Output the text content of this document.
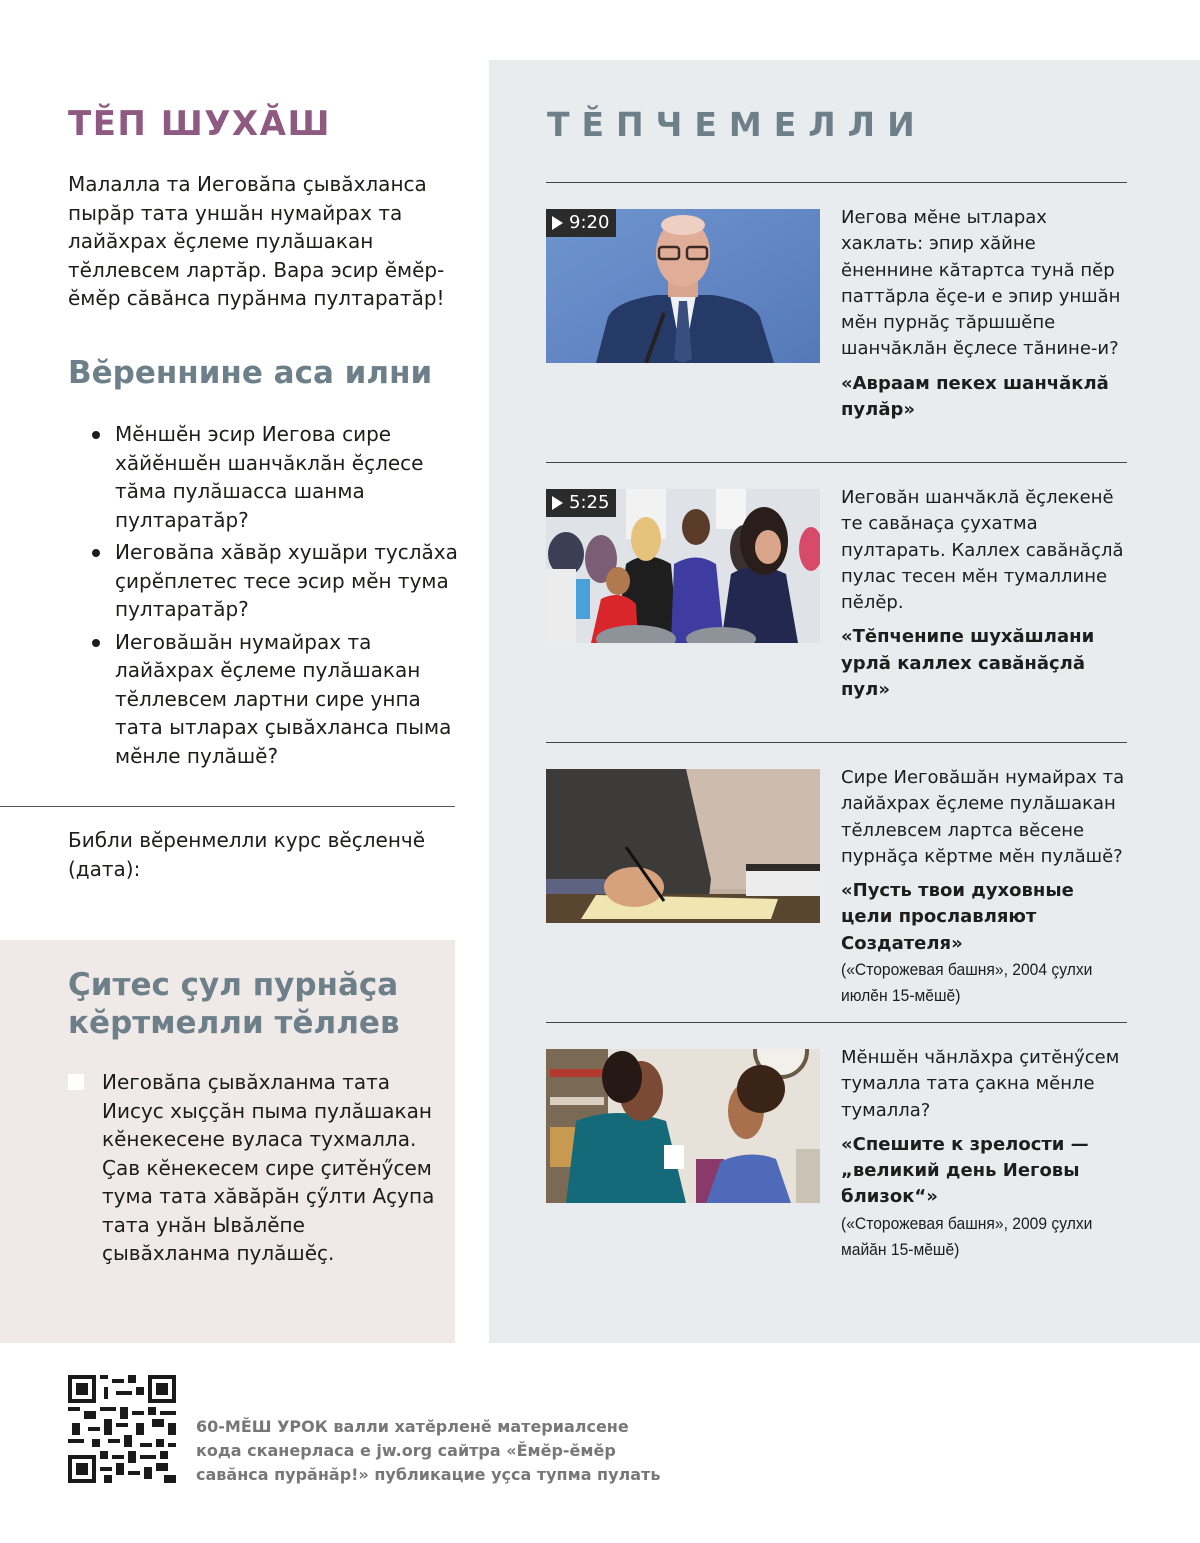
ТĔП ШУХĂШ

Малалла та Иеговăпа çывăхланса пырăр тата уншăн нумайрах та лайăхрах ĕçлеме пулăшакан тĕллевсем лартăр. Вара эсир ĕмĕр-ĕмĕр сăвăнса пурăнма пултаратăр!

Вĕреннине аса илни
Мĕншĕн эсир Иегова сире хăйĕншĕн шанчăклăн ĕçлесе тăма пулăшасса шанма пултаратăр?
Иеговăпа хăвăр хушăри туслăха çирĕплетес тесе эсир мĕн тума пултаратăр?
Иеговăшăн нумайрах та лайăхрах ĕçлеме пулăшакан тĕллевсем лартни сире унпа тата ытларах çывăхланса пыма мĕнле пулăшĕ?

Библи вĕренмелли курс вĕçленчĕ (дата):

Çитес çул пурнăça кĕртмелли тĕллев

Иеговăпа çывăхланма тата Иисус хыççăн пыма пулăшакан кĕнекесене вуласа тухмалла. Çав кĕнекесем сире çитĕнӳсем тума тата хăвăрăн çӳлти Аçупа тата унăн Ывăлĕпе çывăхланма пулăшĕç.

ТĔПЧЕМЕЛЛИ
9:20	Иегова мĕне ытларах хаклать: эпир хăйне ĕненнине кăтартса тунă пĕр паттăрла ĕçе-и е эпир уншăн мĕн пурнăç тăршшĕпе шанчăклăн ĕçлесе тăнине-и?

«Авраам пекех шанчăклă пулăр»

5:25	Иеговăн шанчăклă ĕçлекенĕ те савăнаçа çухатма пултарать. Каллех савăнăçлă пулас тесен мĕн тумаллине пĕлĕр.

«Тĕпченипе шухăшлани урлă каллех савăнăçлă пул»

Сире Иеговăшăн нумайрах та лайăхрах ĕçлеме пулăшакан тĕллевсем лартса вĕсене пурнăça кĕртме мĕн пулăшĕ?

«Пусть твои духовные цели прославляют Создателя»

(«Сторожевая башня», 2004 çулхи июлĕн 15-мĕшĕ)

Мĕншĕн чăнлăхра çитĕнӳсем тумалла тата çакна мĕнле тумалла?

«Спешите к зрелости — „великий день Иеговы близок“»

(«Сторожевая башня», 2009 çулхи майăн 15-мĕшĕ)

60-МĔШ УРОК валли хатĕрленĕ материалсене кода сканерласа е jw.org сайтра «Ĕмĕр-ĕмĕр савăнса пурăнăр!» публикацие уçса тупма пулать
